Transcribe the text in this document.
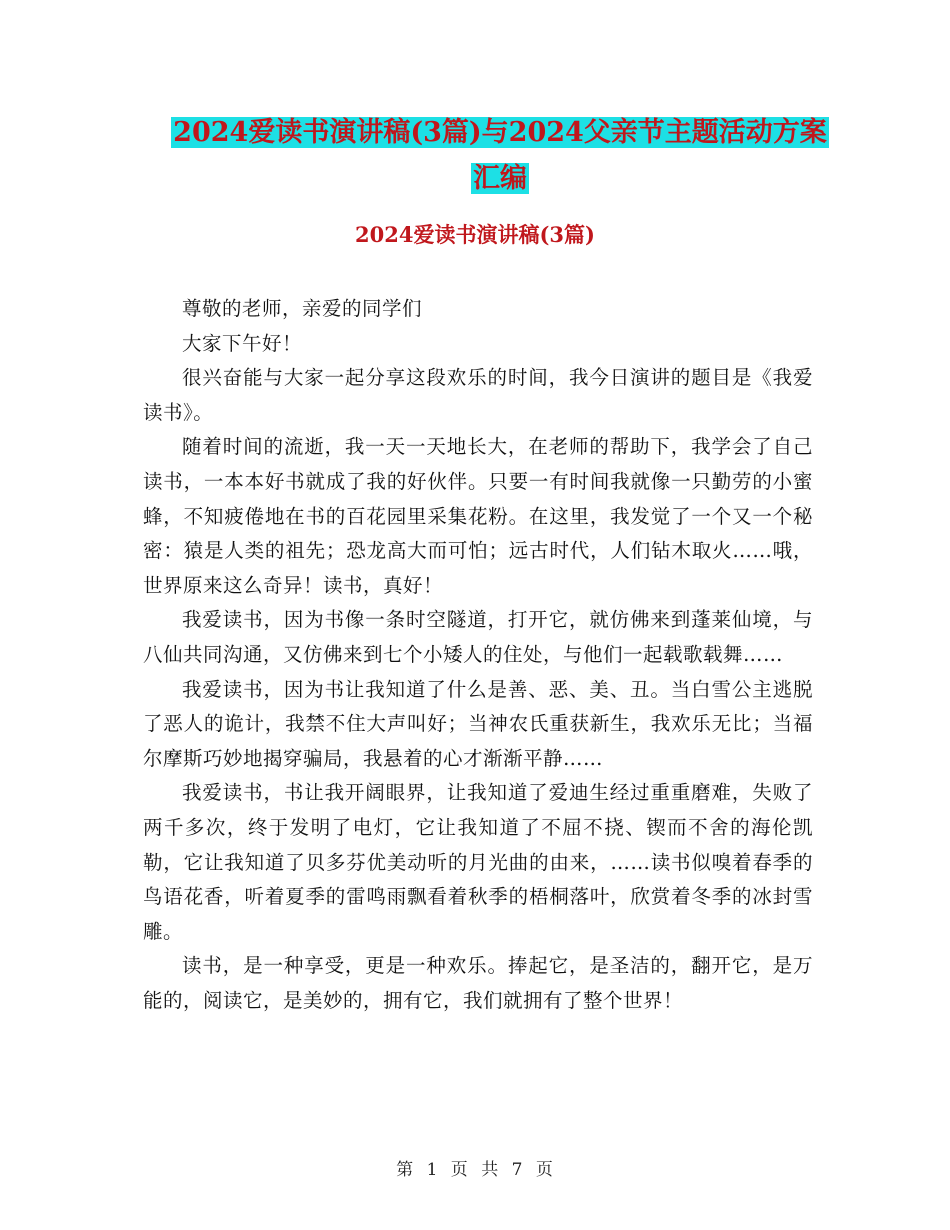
2024爱读书演讲稿(3篇)与2024父亲节主题活动方案
汇编
2024爱读书演讲稿(3篇)

尊敬的老师，亲爱的同学们

大家下午好！

很兴奋能与大家一起分享这段欢乐的时间，我今日演讲的题目是《我爱读书》。

随着时间的流逝，我一天一天地长大，在老师的帮助下，我学会了自己读书，一本本好书就成了我的好伙伴。只要一有时间我就像一只勤劳的小蜜蜂，不知疲倦地在书的百花园里采集花粉。在这里，我发觉了一个又一个秘密：猿是人类的祖先；恐龙高大而可怕；远古时代，人们钻木取火……哦，世界原来这么奇异！读书，真好！

我爱读书，因为书像一条时空隧道，打开它，就仿佛来到蓬莱仙境，与八仙共同沟通，又仿佛来到七个小矮人的住处，与他们一起载歌载舞……

我爱读书，因为书让我知道了什么是善、恶、美、丑。当白雪公主逃脱了恶人的诡计，我禁不住大声叫好；当神农氏重获新生，我欢乐无比；当福尔摩斯巧妙地揭穿骗局，我悬着的心才渐渐平静……

我爱读书，书让我开阔眼界，让我知道了爱迪生经过重重磨难，失败了两千多次，终于发明了电灯，它让我知道了不屈不挠、锲而不舍的海伦凯勒，它让我知道了贝多芬优美动听的月光曲的由来，……读书似嗅着春季的鸟语花香，听着夏季的雷鸣雨飘看着秋季的梧桐落叶，欣赏着冬季的冰封雪雕。

读书，是一种享受，更是一种欢乐。捧起它，是圣洁的，翻开它，是万能的，阅读它，是美妙的，拥有它，我们就拥有了整个世界！

第 1 页 共 7 页
